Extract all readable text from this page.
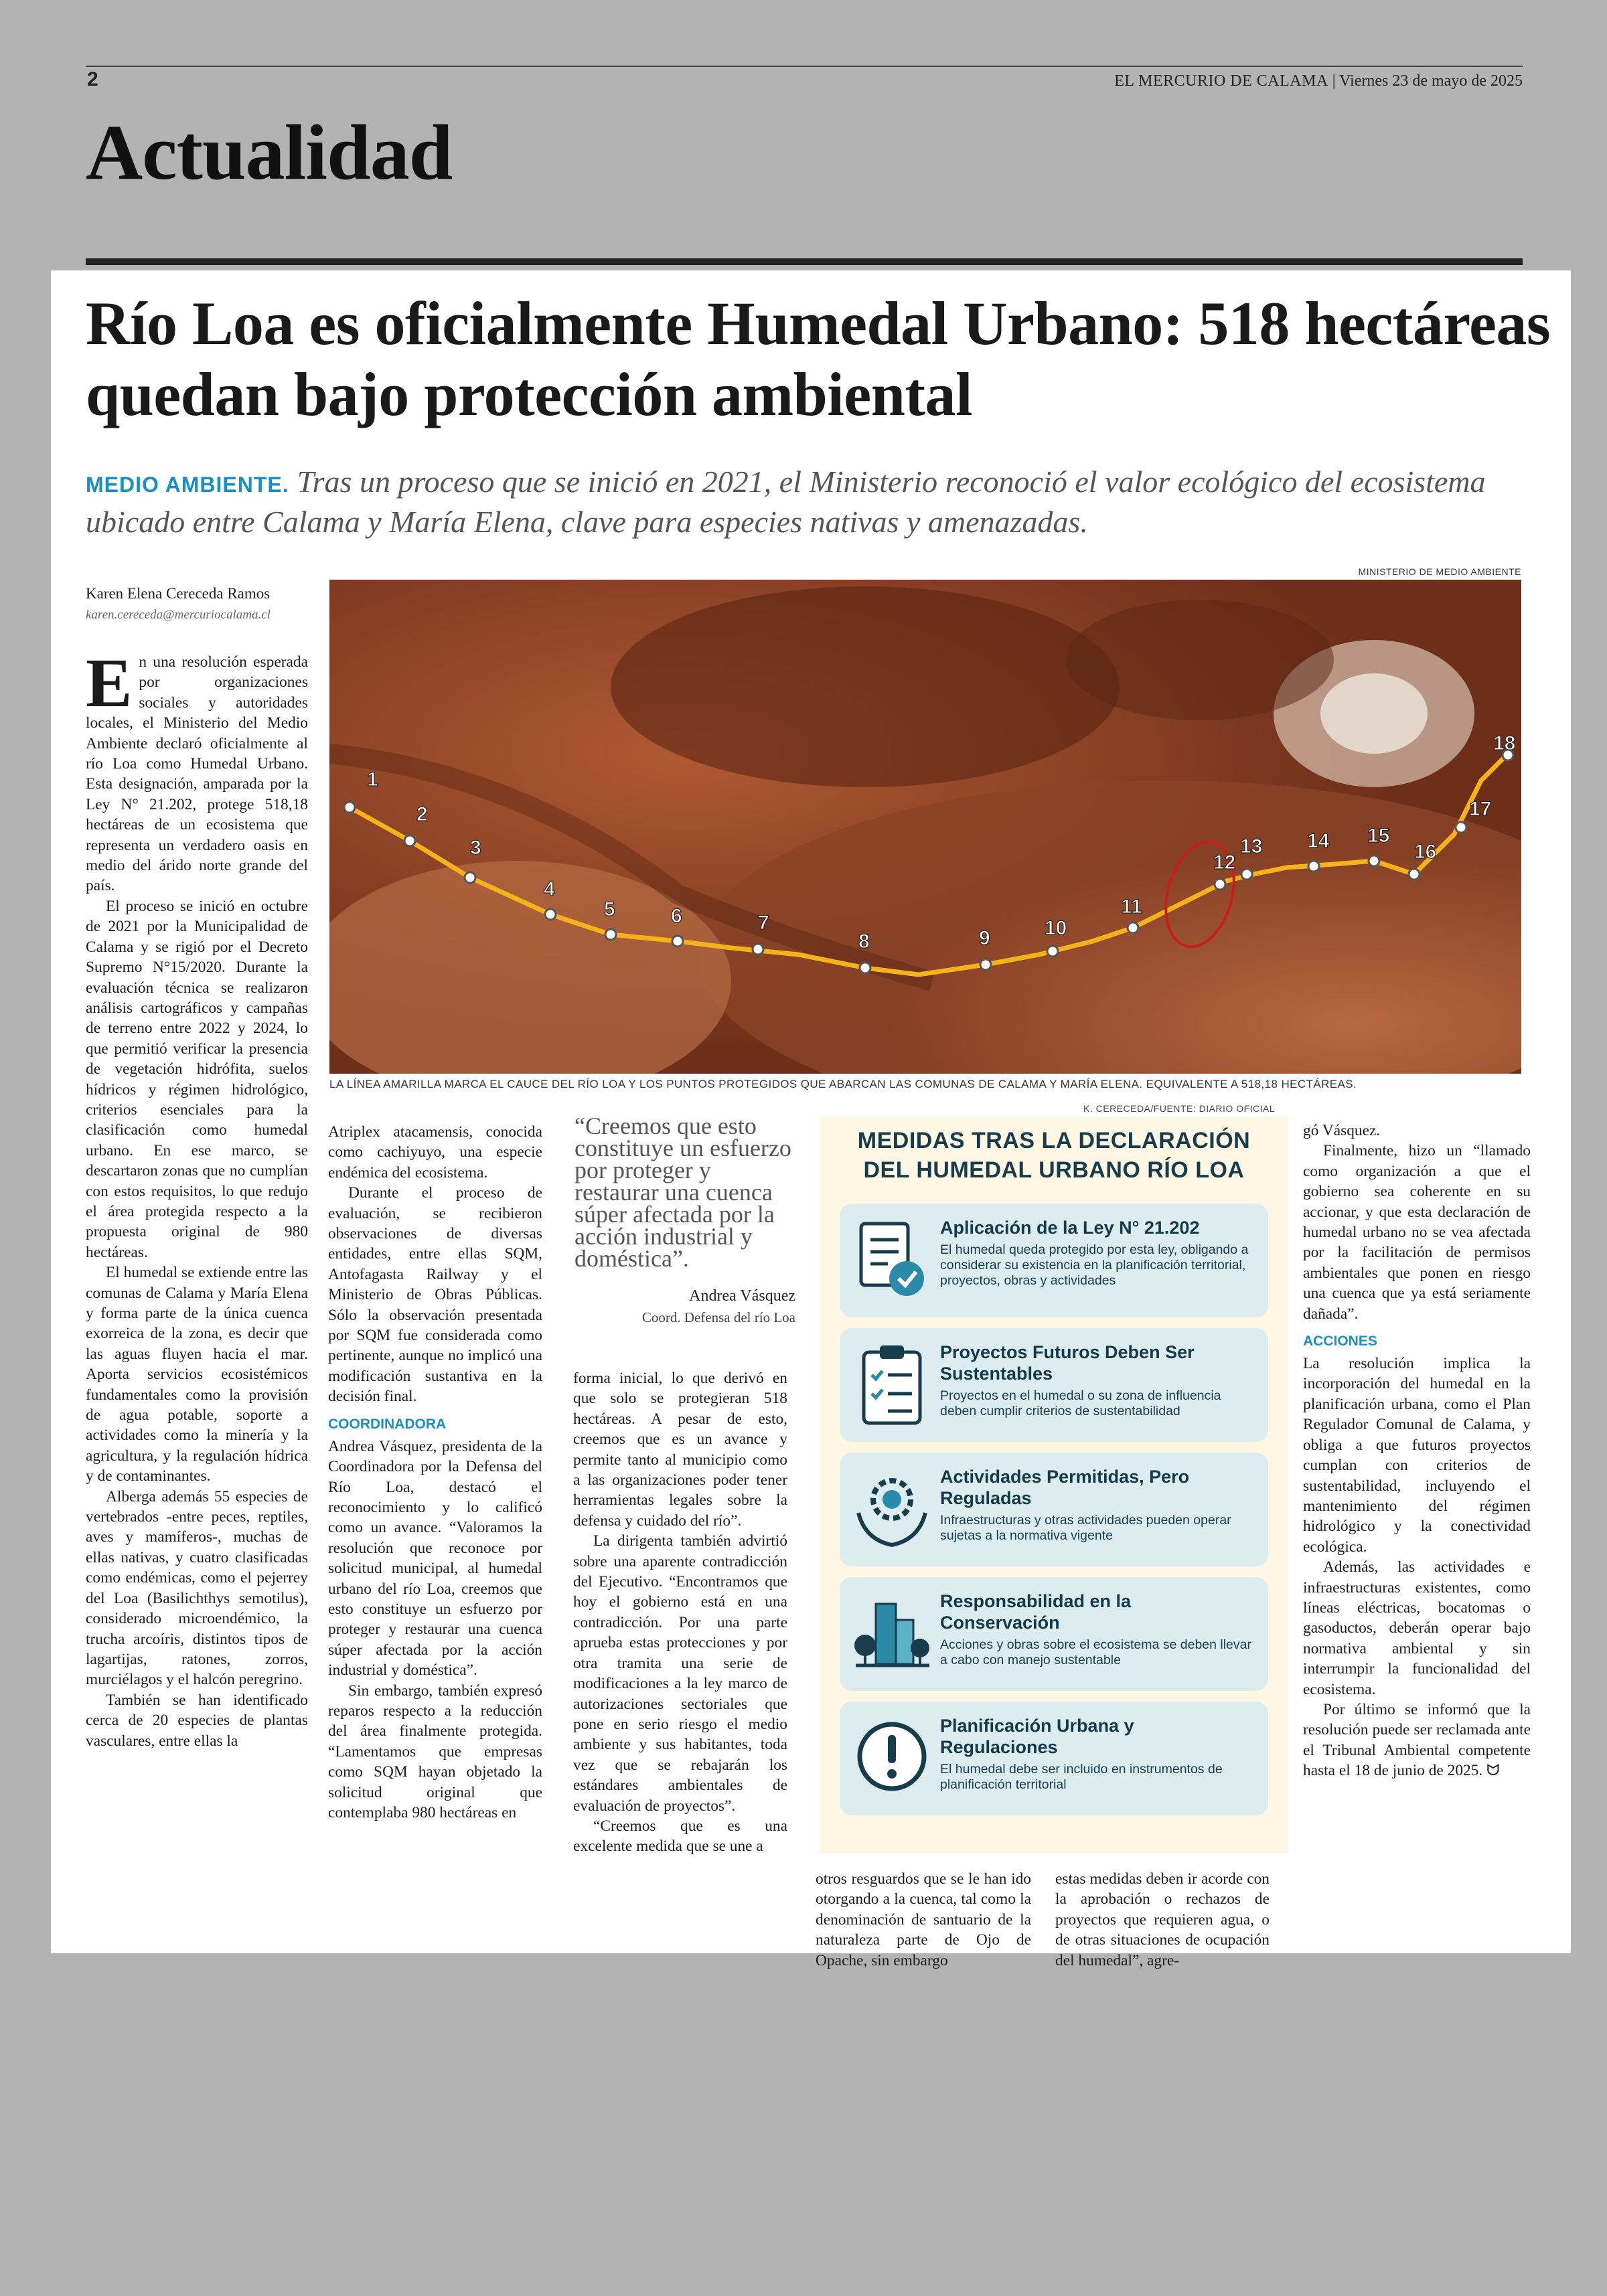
2	EL MERCURIO DE CALAMA | Viernes 23 de mayo de 2025
Actualidad
Río Loa es oficialmente Humedal Urbano: 518 hectáreas quedan bajo protección ambiental
MEDIO AMBIENTE. Tras un proceso que se inició en 2021, el Ministerio reconoció el valor ecológico del ecosistema ubicado entre Calama y María Elena, clave para especies nativas y amenazadas.
Karen Elena Cereceda Ramos
karen.cereceda@mercuriocalama.cl
MINISTERIO DE MEDIO AMBIENTE
1
2
3
4
5	6	7
8	9	10
11
12
13 14 15
16
17
18
LA LÍNEA AMARILLA MARCA EL CAUCE DEL RÍO LOA Y LOS PUNTOS PROTEGIDOS QUE ABARCAN LAS COMUNAS DE CALAMA Y MARÍA ELENA. EQUIVALENTE A 518,18 HECTÁREAS.
K. CERECEDA/FUENTE: DIARIO OFICIAL

En una resolución esperada por organizaciones sociales y autoridades locales, el Ministerio del Medio Ambiente declaró oficialmente al río Loa como Humedal Urbano. Esta designación, amparada por la Ley N° 21.202, protege 518,18 hectáreas de un ecosistema que representa un verdadero oasis en medio del árido norte grande del país.

El proceso se inició en octubre de 2021 por la Municipalidad de Calama y se rigió por el Decreto Supremo N°15/2020. Durante la evaluación técnica se realizaron análisis cartográficos y campañas de terreno entre 2022 y 2024, lo que permitió verificar la presencia de vegetación hidrófita, suelos hídricos y régimen hidrológico, criterios esenciales para la clasificación como humedal urbano. En ese marco, se descartaron zonas que no cumplían con estos requisitos, lo que redujo el área protegida respecto a la propuesta original de 980 hectáreas.

El humedal se extiende entre las comunas de Calama y María Elena y forma parte de la única cuenca exorreica de la zona, es decir que las aguas fluyen hacia el mar. Aporta servicios ecosistémicos fundamentales como la provisión de agua potable, soporte a actividades como la minería y la agricultura, y la regulación hídrica y de contaminantes.

Alberga además 55 especies de vertebrados -entre peces, reptiles, aves y mamíferos-, muchas de ellas nativas, y cuatro clasificadas como endémicas, como el pejerrey del Loa (Basilichthys semotilus), considerado microendémico, la trucha arcoíris, distintos tipos de lagartijas, ratones, zorros, murciélagos y el halcón peregrino.

También se han identificado cerca de 20 especies de plantas vasculares, entre ellas la

Atriplex atacamensis, conocida como cachiyuyo, una especie endémica del ecosistema.

Durante el proceso de evaluación, se recibieron observaciones de diversas entidades, entre ellas SQM, Antofagasta Railway y el Ministerio de Obras Públicas. Sólo la observación presentada por SQM fue considerada como pertinente, aunque no implicó una modificación sustantiva en la decisión final.

COORDINADORA

Andrea Vásquez, presidenta de la Coordinadora por la Defensa del Río Loa, destacó el reconocimiento y lo calificó como un avance. “Valoramos la resolución que reconoce por solicitud municipal, al humedal urbano del río Loa, creemos que esto constituye un esfuerzo por proteger y restaurar una cuenca súper afectada por la acción industrial y doméstica”.

Sin embargo, también expresó reparos respecto a la reducción del área finalmente protegida. “Lamentamos que empresas como SQM hayan objetado la solicitud original que contemplaba 980 hectáreas en

“Creemos que esto constituye un esfuerzo por proteger y restaurar una cuenca súper afectada por la acción industrial y doméstica”.
Andrea Vásquez
Coord. Defensa del río Loa

forma inicial, lo que derivó en que solo se protegieran 518 hectáreas. A pesar de esto, creemos que es un avance y permite tanto al municipio como a las organizaciones poder tener herramientas legales sobre la defensa y cuidado del río”.

La dirigenta también advirtió sobre una aparente contradicción del Ejecutivo. “Encontramos que hoy el gobierno está en una contradicción. Por una parte aprueba estas protecciones y por otra tramita una serie de modificaciones a la ley marco de autorizaciones sectoriales que pone en serio riesgo el medio ambiente y sus habitantes, toda vez que se rebajarán los estándares ambientales de evaluación de proyectos”.

“Creemos que es una excelente medida que se une a

MEDIDAS TRAS LA DECLARACIÓN
DEL HUMEDAL URBANO RÍO LOA
Aplicación de la Ley N° 21.202
El humedal queda protegido por esta ley, obligando a considerar su existencia en la planificación territorial, proyectos, obras y actividades
Proyectos Futuros Deben Ser Sustentables
Proyectos en el humedal o su zona de influencia deben cumplir criterios de sustentabilidad
Actividades Permitidas, Pero Reguladas
Infraestructuras y otras actividades pueden operar sujetas a la normativa vigente
Responsabilidad en la Conservación
Acciones y obras sobre el ecosistema se deben llevar a cabo con manejo sustentable
Planificación Urbana y Regulaciones
El humedal debe ser incluido en instrumentos de planificación territorial

otros resguardos que se le han ido otorgando a la cuenca, tal como la denominación de santuario de la naturaleza parte de Ojo de Opache, sin embargo

estas medidas deben ir acorde con la aprobación o rechazos de proyectos que requieren agua, o de otras situaciones de ocupación del humedal”, agre-

gó Vásquez.

Finalmente, hizo un “llamado como organización a que el gobierno sea coherente en su accionar, y que esta declaración de humedal urbano no se vea afectada por la facilitación de permisos ambientales que ponen en riesgo una cuenca que ya está seriamente dañada”.

ACCIONES

La resolución implica la incorporación del humedal en la planificación urbana, como el Plan Regulador Comunal de Calama, y obliga a que futuros proyectos cumplan con criterios de sustentabilidad, incluyendo el mantenimiento del régimen hidrológico y la conectividad ecológica.

Además, las actividades e infraestructuras existentes, como líneas eléctricas, bocatomas o gasoductos, deberán operar bajo normativa ambiental y sin interrumpir la funcionalidad del ecosistema.

Por último se informó que la resolución puede ser reclamada ante el Tribunal Ambiental competente hasta el 18 de junio de 2025. ᗢ
